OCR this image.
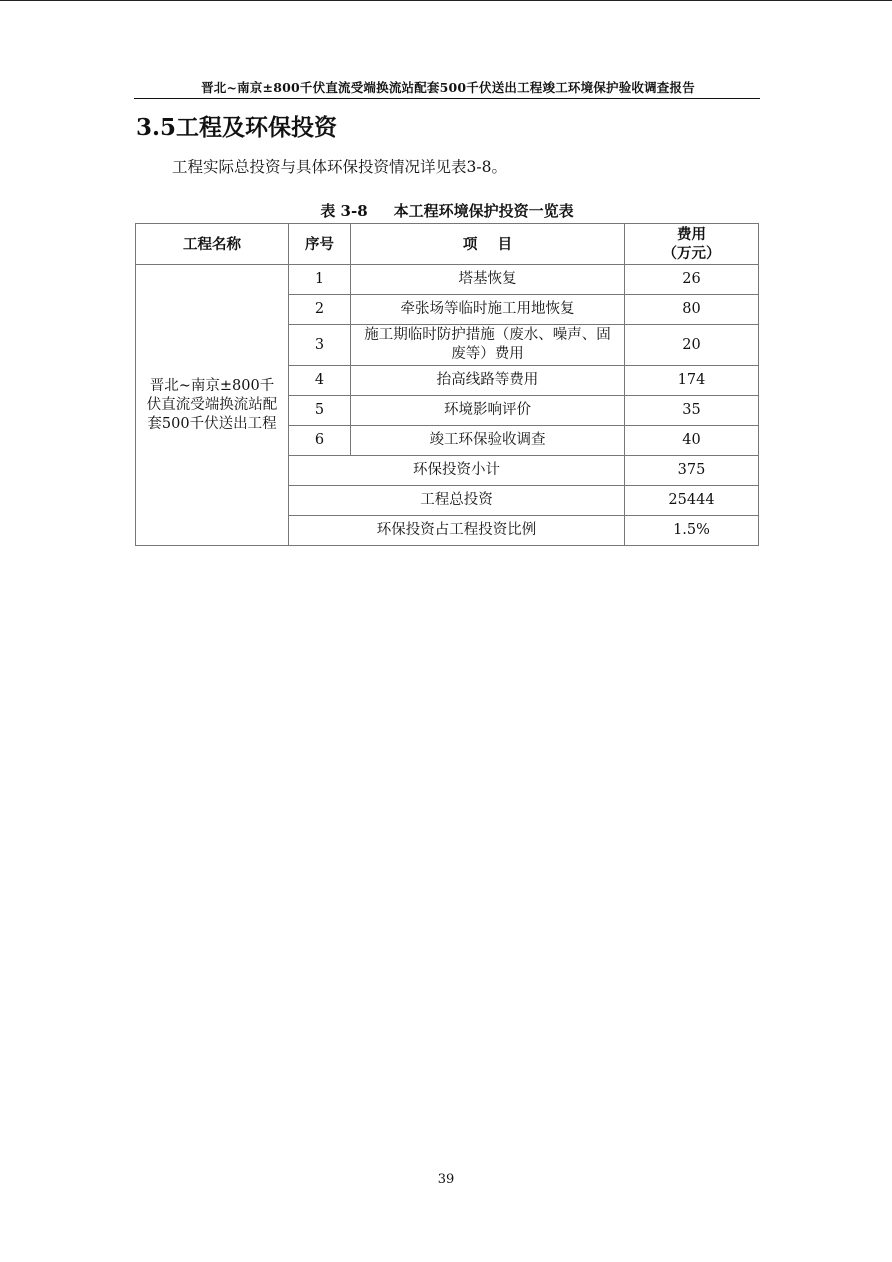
晋北~南京±800千伏直流受端换流站配套500千伏送出工程竣工环境保护验收调查报告
3.5工程及环保投资
工程实际总投资与具体环保投资情况详见表3-8。
表 3-8 本工程环境保护投资一览表
工程名称	序号	项    目	费用
（万元）

晋北~南京±800千伏直流受端换流站配套500千伏送出工程	1	塔基恢复	26
	2	牵张场等临时施工用地恢复	80
	3	施工期临时防护措施（废水、噪声、固废等）费用	20
	4	抬高线路等费用	174
	5	环境影响评价	35
	6	竣工环保验收调查	40
	环保投资小计		375
	工程总投资		25444
	环保投资占工程投资比例		1.5%
39
